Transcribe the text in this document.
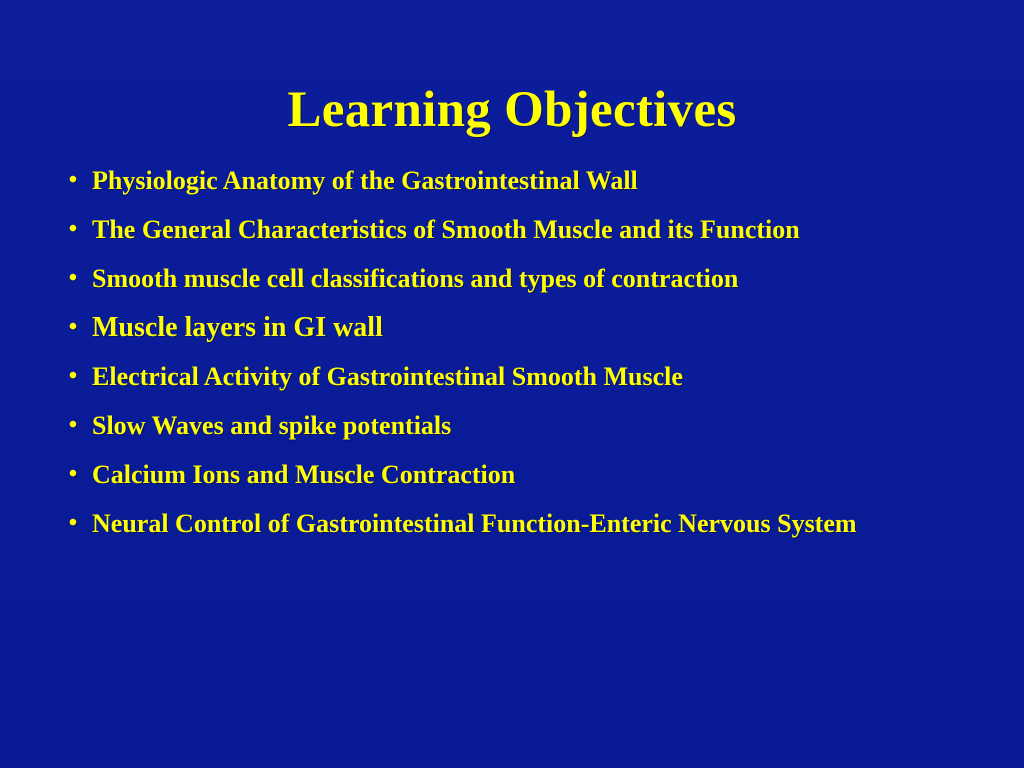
Learning Objectives
• Physiologic Anatomy of the Gastrointestinal Wall
• The General Characteristics of Smooth Muscle and its Function
• Smooth muscle cell classifications and types of contraction
• Muscle layers in GI wall
• Electrical Activity of Gastrointestinal Smooth Muscle
• Slow Waves and spike potentials
• Calcium Ions and Muscle Contraction
• Neural Control of Gastrointestinal Function-Enteric Nervous System
